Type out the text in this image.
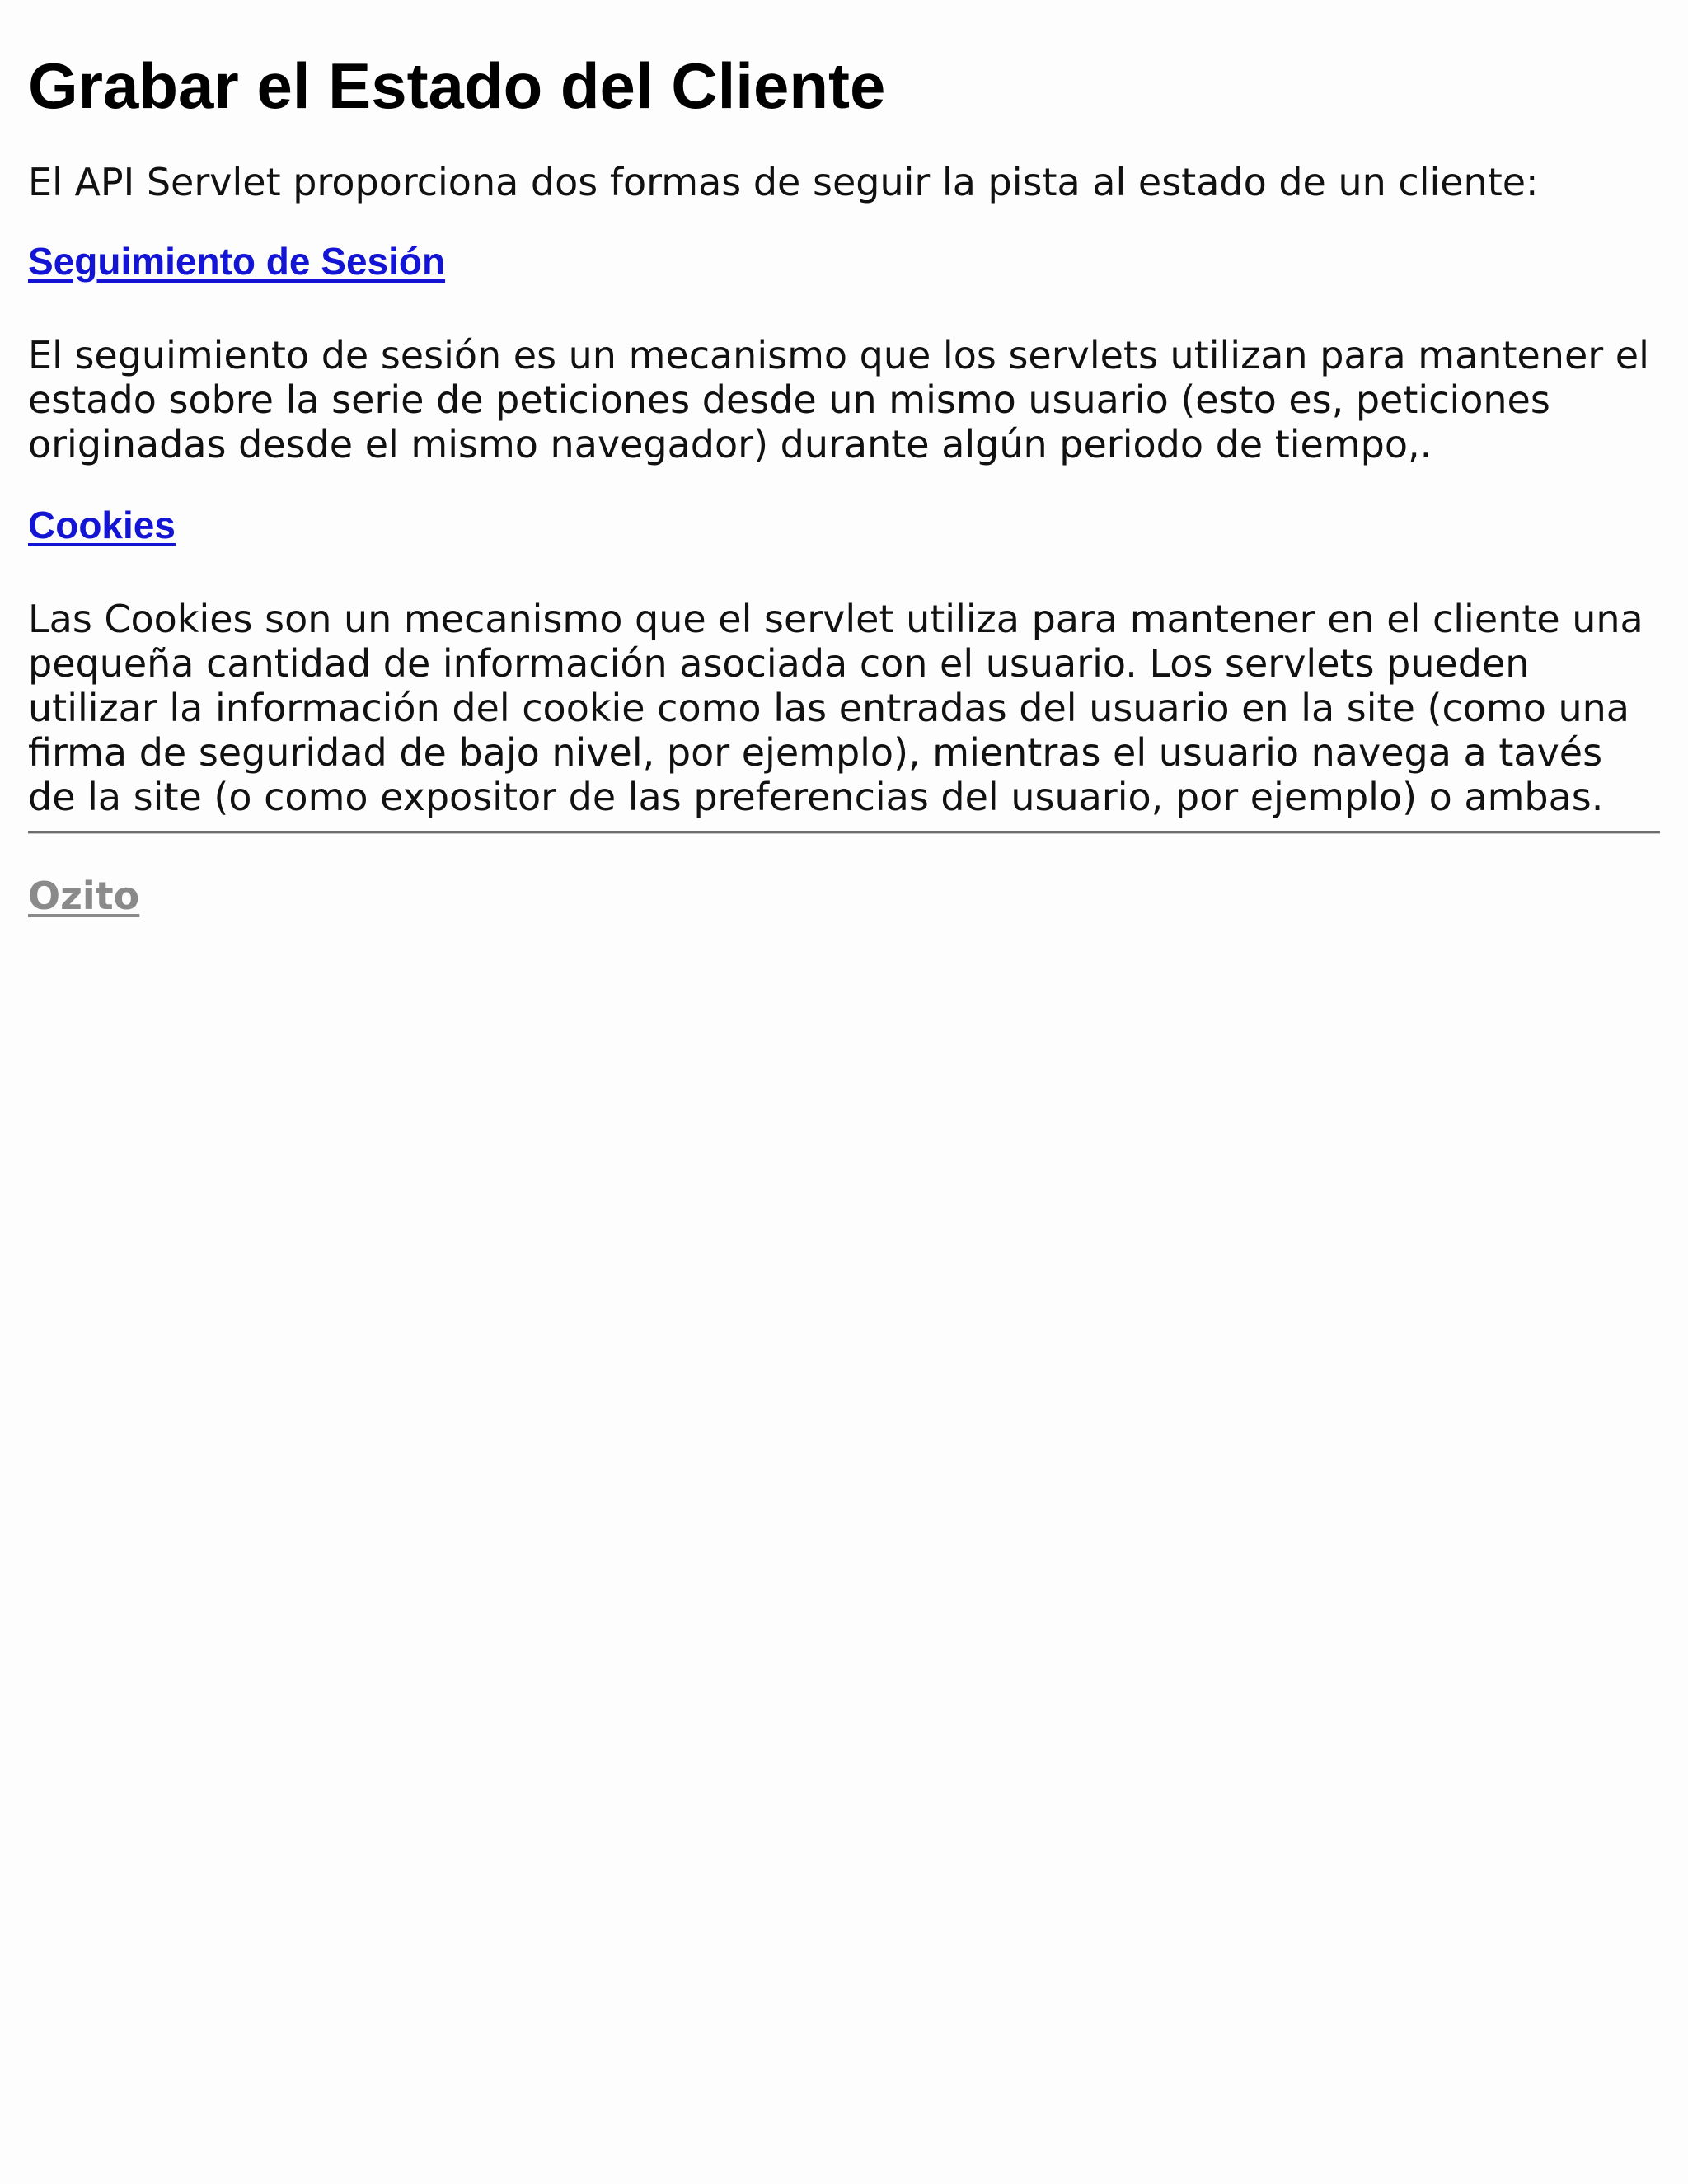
Grabar el Estado del Cliente

El API Servlet proporciona dos formas de seguir la pista al estado de un cliente:

Seguimiento de Sesión

El seguimiento de sesión es un mecanismo que los servlets utilizan para mantener el estado sobre la serie de peticiones desde un mismo usuario (esto es, peticiones originadas desde el mismo navegador) durante algún periodo de tiempo,.

Cookies

Las Cookies son un mecanismo que el servlet utiliza para mantener en el cliente una pequeña cantidad de información asociada con el usuario. Los servlets pueden utilizar la información del cookie como las entradas del usuario en la site (como una firma de seguridad de bajo nivel, por ejemplo), mientras el usuario navega a tavés de la site (o como expositor de las preferencias del usuario, por ejemplo) o ambas.

Ozito
